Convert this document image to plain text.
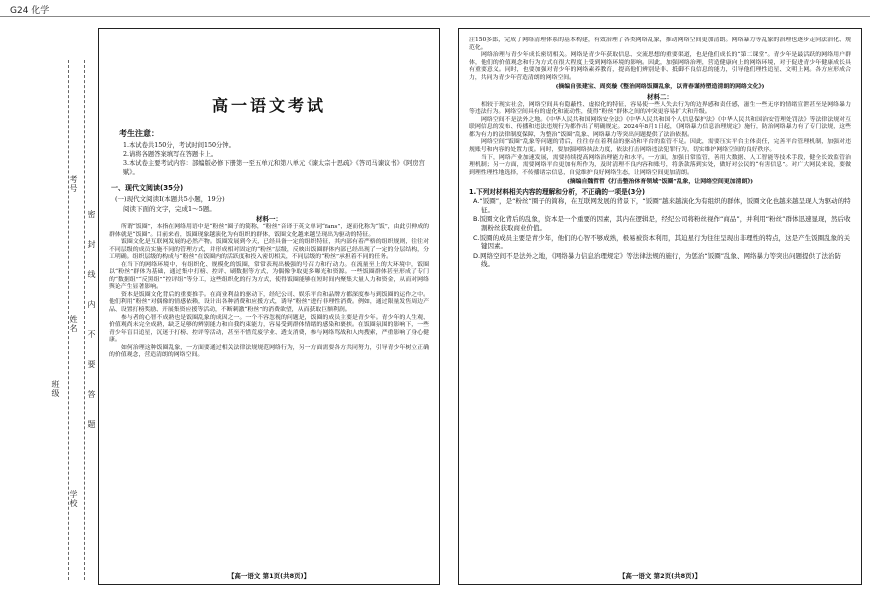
G24 化学
考号
姓名
班级
学校
密封线内不要答题
高一语文考试
考生注意：

1.本试卷共150分，考试时间150分钟。

2.请将各题答案填写在答题卡上。

3.本试卷主要考试内容：部编版必修下册第一至五单元和第八单元《谏太宗十思疏》《答司马谏议书》《阿房宫赋》。

一、现代文阅读(35分)
(一)现代文阅读Ⅰ(本题共5小题，19分)
阅读下面的文字，完成1～5题。
材料一：

所谓“饭圈”，本指在网络用语中是“粉丝”圈子的简称，“粉丝”音译于英文单词“fans”，逐而化称为“饭”，由此引伸成的群体就是“饭圈”。目前来看，饭圈现象越演化为有组织的群体，饭圈文化越来越呈现出为驱动的特征。

饭圈文化是互联网发展的必然产物。饭圈发展到今天，已经具备一定的组织特征，其内部有着严格的组织规则，往往对不同层级的成员实施不同的管理方式，并形成相对固定的“粉丝”层级，反映出饭圈群体内部已经出现了一定的分层结构，分工明确。组织层级的构成与“粉丝”在饭圈内的活跃度和投入密切相关，不同层级的“粉丝”承担着不同的任务。

在当下的网络环境中，有组织化、规模化的饭圈，常常表现出极强的号召力和行动力。在流量至上的大环境中，饭圈以“粉丝”群体为基础，通过集中打榜、控评、刷数据等方式，为偶像争取更多曝光和资源。一些饭圈群体甚至形成了专门的“数据组”“反黑组”“控评组”等分工，这些组织化的行为方式，使得饭圈能够在短时间内聚集大量人力和资金，从而对网络舆论产生显著影响。

资本是饭圈文化背后的重要推手。在商业利益的驱动下，经纪公司、娱乐平台和品牌方都深度参与到饭圈的运作之中。他们利用“粉丝”对偶像的情感依赖，设计出各种消费和应援方式，诱导“粉丝”进行非理性消费。例如，通过限量发售周边产品、设置打榜奖励、开展集资应援等活动，不断刺激“粉丝”的消费欲望，从而获取巨额利润。

参与者的心智不成熟也是饭圈乱象的成因之一。一个不容忽视的问题是，饭圈的成员主要是青少年。青少年的人生观、价值观尚未完全成熟，缺乏足够的辨别能力和自我约束能力，容易受到群体情绪的感染和裹挟。在饭圈氛围的影响下，一些青少年盲目追星，沉迷于打榜、控评等活动，甚至不惜荒废学业、透支消费，参与网络骂战和人肉搜索，严重影响了身心健康。

如何治理这种饭圈乱象，一方面要通过相关法律法规规范网络行为，另一方面需要各方共同努力，引导青少年树立正确的价值观念，营造清朗的网络空间。

【高一语文 第1页(共8页)】

注150多郎，完成了网络清理体系的基本构建，有效治理了各类网络乱象，推动网络空间更加清朗。网络暴力等乱象的治理也逐步走向法治化、规范化。

网络治理与青少年成长密切相关。网络是青少年获取信息、交流思想的重要渠道，也是他们成长的“第二课堂”。青少年是最活跃的网络用户群体，他们的价值观念和行为方式在很大程度上受到网络环境的影响。因此，加强网络治理，营造健康向上的网络环境，对于促进青少年健康成长具有重要意义。同时，也要加强对青少年的网络素养教育，提高他们辨别是非、抵御不良信息的能力，引导他们理性追星、文明上网。各方应形成合力，共同为青少年营造清朗的网络空间。

(摘编自张建宝、周奕璇《整治网络饭圈乱象，以青春谨持塑造清朗的网络文化》)
材料二：

相较于现实社会，网络空间具有隐蔽性、虚拟化的特征，容易使一些人失去行为的边界感和责任感，滋生一些无序的情绪宣泄甚至是网络暴力等违法行为。网络空间具有的虚化和流动性，使得“粉丝”群体之间的冲突更容易扩大和升级。

网络空间不是法外之地。《中华人民共和国网络安全法》《中华人民共和国个人信息保护法》《中华人民共和国治安管理处罚法》等法律法规对互联网信息的发布、传播和违法违规行为都作出了明确规定。2024年8月1日起，《网络暴力信息治理规定》施行，防治网络暴力有了专门法规，这些都为有力的法律制度保障，为整治“饭圈”乱象、网络暴力等突出问题提供了法治依据。

网络空间“饭圈”乱象等问题的背后，往往存在着利益的驱动和平台的监管不足。因此，需要压实平台主体责任，完善平台管理机制，加强对违规账号和内容的处置力度。同时，要加强网络执法力度，依法打击网络违法犯罪行为，切实维护网络空间的良好秩序。

当下，网络产业加速发展，需要持续提高网络治理能力和水平。一方面，加强日常监管，善用大数据、人工智能等技术手段，健全长效监管治理机制；另一方面，需要网络平台更加有所作为，及时清理不良内容和账号，将条款落到实处，做好对公民的“有害信息”。对广大网民来说，要做到理性理性地选择，不传播诸宗信息，自觉维护良好网络生态，让网络空间更加清朗。

(摘编自魏哲哲《打击整治体育领域“饭圈”乱象，让网络空间更加清朗》)
1.下列对材料相关内容的理解和分析，不正确的一项是(3分)
A.“饭圈”，是“粉丝”圈子的简称，在互联网发展的背景下，“饭圈”越来越演化为有组织的群体，饭圈文化也越来越呈现人为驱动的特征。
B.饭圈文化背后的乱象，资本是一个重要的因素，其内在逻辑是，经纪公司将粉丝视作“商品”，并利用“粉丝”群体迅速显现，然后收割粉丝获取商业价值。
C.饭圈的成员主要是青少年，他们的心智不够成熟，极易被资本利用，其迫星行为往往呈现出非理性的特点，这是产生饭圈乱象的关键因素。
D.网络空间不是法外之地，《网络暴力信息治理规定》等法律法规的施行，为惩治“饭圈”乱象、网络暴力等突出问题提供了法治防线。
【高一语文 第2页(共8页)】
